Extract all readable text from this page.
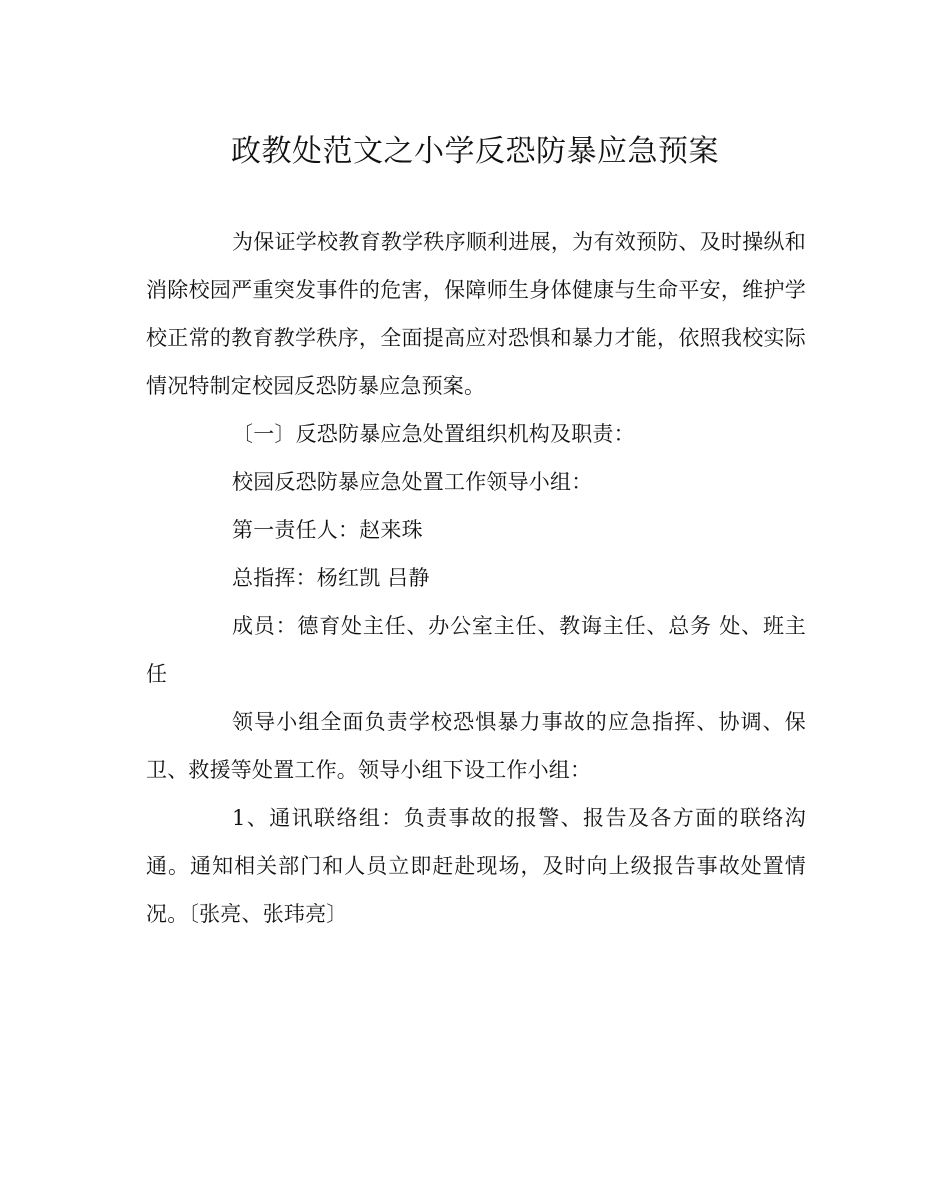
政教处范文之小学反恐防暴应急预案

为保证学校教育教学秩序顺利进展，为有效预防、及时操纵和消除校园严重突发事件的危害，保障师生身体健康与生命平安，维护学校正常的教育教学秩序，全面提高应对恐惧和暴力才能，依照我校实际情况特制定校园反恐防暴应急预案。

〔一〕反恐防暴应急处置组织机构及职责：

校园反恐防暴应急处置工作领导小组：

第一责任人：赵来珠

总指挥：杨红凯 吕静

成员：德育处主任、办公室主任、教诲主任、总务 处、班主任

领导小组全面负责学校恐惧暴力事故的应急指挥、协调、保卫、救援等处置工作。领导小组下设工作小组：

1、通讯联络组：负责事故的报警、报告及各方面的联络沟通。通知相关部门和人员立即赶赴现场，及时向上级报告事故处置情况。〔张亮、张玮亮〕
